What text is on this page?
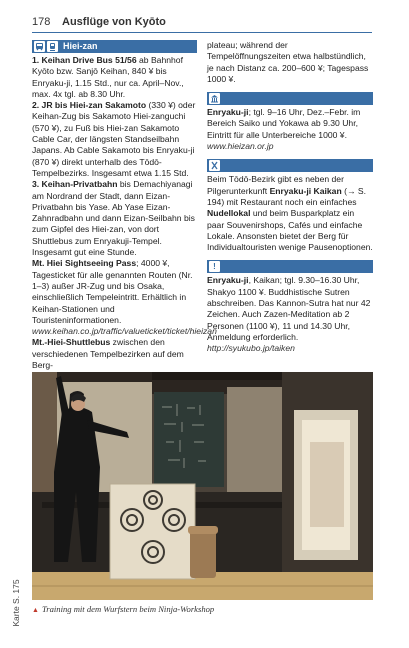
178 Ausflüge von Kyōto
Hiei-zan

1. Keihan Drive Bus 51/56 ab Bahnhof Kyōto bzw. Sanjō Keihan, 840 ¥ bis Enryaku-ji, 1.15 Std., nur ca. April–Nov., max. 4x tgl. ab 8.30 Uhr.

2. JR bis Hiei-zan Sakamoto (330 ¥) oder Keihan-Zug bis Sakamoto Hiei-zanguchi (570 ¥), zu Fuß bis Hiei-zan Sakamoto Cable Car, der längsten Standseilbahn Japans. Ab Cable Sakamoto bis Enryaku-ji (870 ¥) direkt unterhalb des Tōdō-Tempelbezirks. Insgesamt etwa 1.15 Std.

3. Keihan-Privatbahn bis Demachiyanagi am Nordrand der Stadt, dann Eizan-Privatbahn bis Yase. Ab Yase Eizan-Zahnradbahn und dann Eizan-Seilbahn bis zum Gipfel des Hiei-zan, von dort Shuttlebus zum Enryakuji-Tempel. Insgesamt gut eine Stunde.

Mt. Hiei Sightseeing Pass; 4000 ¥, Tagesticket für alle genannten Routen (Nr. 1–3) außer JR-Zug und bis Osaka, einschließlich Tempeleintritt. Erhältlich in Keihan-Stationen und Touristeninformationen.

www.keihan.co.jp/traffic/valueticket/ticket/hieizan

Mt.-Hiei-Shuttlebus zwischen den verschiedenen Tempelbezirken auf dem Berg-

plateau; während der Tempelöffnungszeiten etwa halbstündlich, je nach Distanz ca. 200–600 ¥; Tagespass 1000 ¥.

Enryaku-ji; tgl. 9–16 Uhr, Dez.–Febr. im Bereich Saiko und Yokawa ab 9.30 Uhr, Eintritt für alle Unterbereiche 1000 ¥.

www.hieizan.or.jp

Beim Tōdō-Bezirk gibt es neben der Pilgerunterkunft Enryaku-ji Kaikan (→ S. 194) mit Restaurant noch ein einfaches Nudellokal und beim Busparkplatz ein paar Souvenirshops, Cafés und einfache Lokale. Ansonsten bietet der Berg für Individualtouristen wenige Pausenoptionen.

!

Enryaku-ji, Kaikan; tgl. 9.30–16.30 Uhr, Shakyo 1100 ¥. Buddhistische Sutren abschreiben. Das Kannon-Sutra hat nur 42 Zeichen. Auch Zazen-Meditation ab 2 Personen (1100 ¥), 11 und 14.30 Uhr, Anmeldung erforderlich.

http://syukubo.jp/taiken

▲ Training mit dem Wurfstern beim Ninja-Workshop
Karte S. 175
